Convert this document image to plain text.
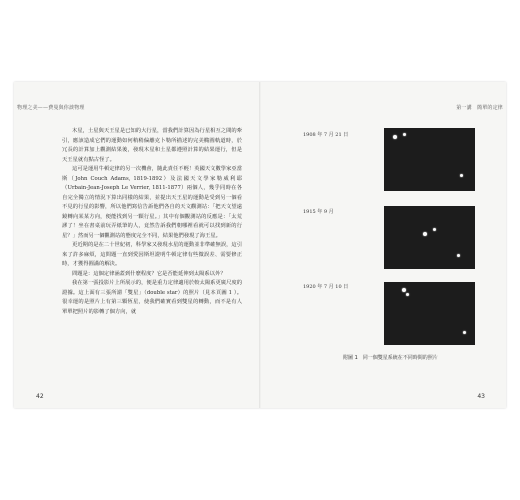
物理之美——費曼與你談物理	第一講　簡單的定律

木星，土星與天王星是已知的大行星，當我們計算因為行星相互之間的牽引，應該造成它們的運動如何稍稍偏離克卜勒所描述的完美橢圓軌道時，於冗長的計算加上觀測結果後，發現木星和土星都遵照計算的結果運行，但是天王星就有點古怪了。

這可是運用牛頓定律的另一次機會，隨此責任不輕！英國天文數學家亞當斯（John Couch Adams, 1819-1892）及法國天文學家勒威利耶（Urbain-Jean-Joseph Le Verrier, 1811-1877）兩個人，幾乎同時在各自完全獨立的情況下算出同樣的結果，並提出天王星的運動是受到另一個看不見的行星的影響，所以他們寫信告訴他們各自的天文觀測站：「把天文望遠鏡轉向某某方向，便能找到另一顆行星。」其中有個觀測站的反應是：「太荒謬了！坐在書桌前玩弄紙筆的人，竟然告訴我們朝哪裡看就可以找到新的行星？」然而另一個觀測站的態度完全不同，結果他們發現了海王星。

更近期的是在二十世紀初，科學家又發現水星的運動並非準確無誤，這引來了許多麻煩，這問題一直到愛因斯坦證明牛頓定律有些微誤差、需要修正時，才獲得圓滿的解決。

問題是：這個定律涵蓋到什麼程度？它是否能延伸到太陽系以外？

我在第一張投影片上所展示的，便是重力定律適用於較太陽系更廣尺度的證據。這上面有三張所謂「雙星」（double star）的照片（見本頁圖 1 ）。很幸運的是照片上有第三顆恆星，使我們確實看到雙星的轉動，而不是有人單單把照片的影轉了個方向，就

42	43
1908 年 7 月 21 日
1915 年 9 月
1920 年 7 月 10 日
附圖 1　同一個雙星系統在不同時間的照片
